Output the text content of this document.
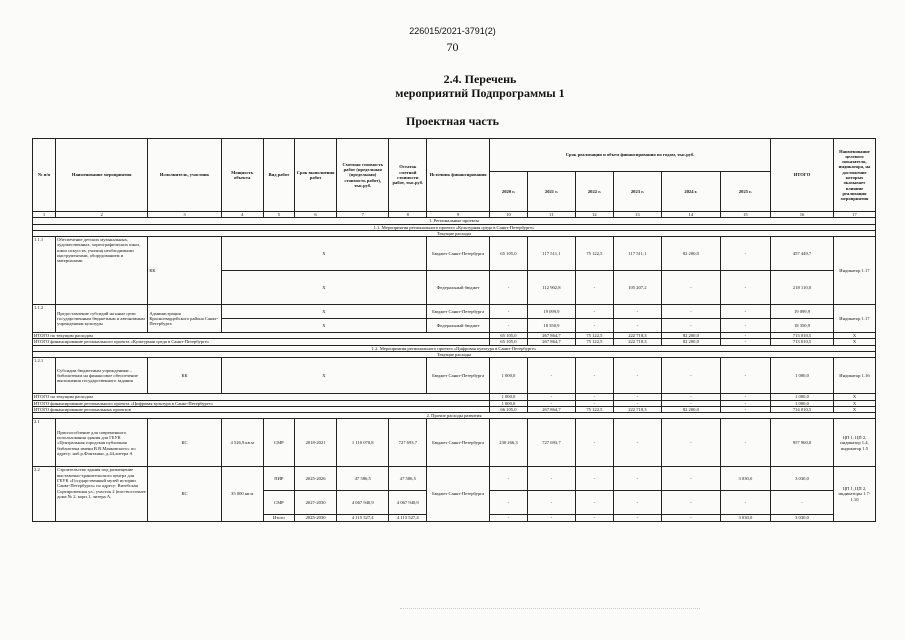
226015/2021-3791(2)
70
2.4. Перечень
мероприятий Подпрограммы 1
Проектная часть
№ п/п	Наименование мероприятия	Исполнитель, участник	Мощность объекта	Вид работ	Срок выполнения работ	Сметная стоимость работ (предельная (предельная) стоимость работ), тыс.руб.	Остаток сметной стоимости работ, тыс.руб.	Источник финансирования	Срок реализации и объем финансирования по годам, тыс.руб.						ИТОГО	Наименование целевого показателя, индикатора, на достижение которых оказывает влияние реализация мероприятия
									2020 г.	2021 г.	2022 г.	2023 г.	2024 г.	2025 г.		
1	2	3	4	5	6	7	8	9	10	11	12	13	14	15	16	17
1. Региональные проекты																
1.1. Мероприятия регионального проекта «Культурная среда в Санкт-Петербурге»																
Текущие расходы																
1.1.1	Обеспечение детских музыкальных, художественных, хореографических школ, школ искусств, училищ необходимыми инструментами, оборудованием и материалами	КК	Х					Бюджет Санкт-Петербурга	65 105,0	117 511,1	75 122,5	117 511,1	82 200,0	-	457 449,7	Индикатор 1.17
			Х					Федеральный бюджет	-	112 902,8	-	105 207,2	-	-	218 110,0	
1.1.2	Предоставление субсидий на иные цели государственным бюджетным и автономным учреждениям культуры	Администрация Красногвардейского района Санкт-Петербурга	Х					Бюджет Санкт-Петербурга	-	19 099,9	-	-	-	-	19 099,9	Индикатор 1.17
			Х					Федеральный бюджет	-	18 350,9	-	-	-	-	18 350,9	
ИТОГО по текущим расходам									65 105,0	267 864,7	75 122,5	222 718,3	82 200,0	-	713 010,5	Х
ИТОГО финансирование регионального проекта «Культурная среда в Санкт-Петербурге»									65 105,0	267 864,7	75 122,5	222 718,3	82 200,0	-	713 010,5	Х
1.2. Мероприятия регионального проекта «Цифровая культура в Санкт-Петербурге»																
Текущие расходы																
1.2.1	Субсидии бюджетным учреждениям – библиотекам на финансовое обеспечение выполнения государственного задания	КК	Х					Бюджет Санкт-Петербурга	1 000,0	-	-	-	-	-	1 000,0	Индикатор 1.16
ИТОГО по текущим расходам									1 000,0	-	-	-	-	-	1 000,0	Х
ИТОГО финансирование регионального проекта «Цифровая культура в Санкт-Петербурге»									1 000,0	-	-	-	-	-	1 000,0	Х
ИТОГО финансирование региональных проектов									66 105,0	267 864,7	75 122,5	222 718,3	82 200,0	-	714 010,5	Х
2. Прочие расходы развития																
2.1	Приспособление для современного использования здания для ГБУК «Центральная городская публичная библиотека имени В.В.Маяковского» по адресу: наб.р.Фонтанки, д.44,литера А	КС	4 526,9 кв.м	СМР	2018-2021	1 110 070,8	727 693,7	Бюджет Санкт-Петербурга	230 266,3	727 693,7	-	-	-	-	957 960,0	ЦП 1, ЦП 2, индикатор 1.4, индикатор 1.5
2.2	Строительство здания под размещение выставочно-хранительского центра для ГБУК «Государственный музей истории Санкт-Петербурга» по адресу: Витебская Сортировочная ул., участок 2 (юго-восточнее дома № 2, корп.1, литера А,	КС	35 000 кв.м	ПИР	2025-2026	47 586,5	47 586,5	Бюджет Санкт-Петербурга	-	-	-	-	-	3 030,0	3 030,0	ЦП 1, ЦП 2, индикаторы 1.7-1.10
				СМР	2027-2030	4 067 940,9	4 067 940,9		-	-	-	-	-	-	-	
				Итого	2025-2030	4 115 527,4	4 115 527,4		-	-	-	-	-	3 030,0	3 030,0	
